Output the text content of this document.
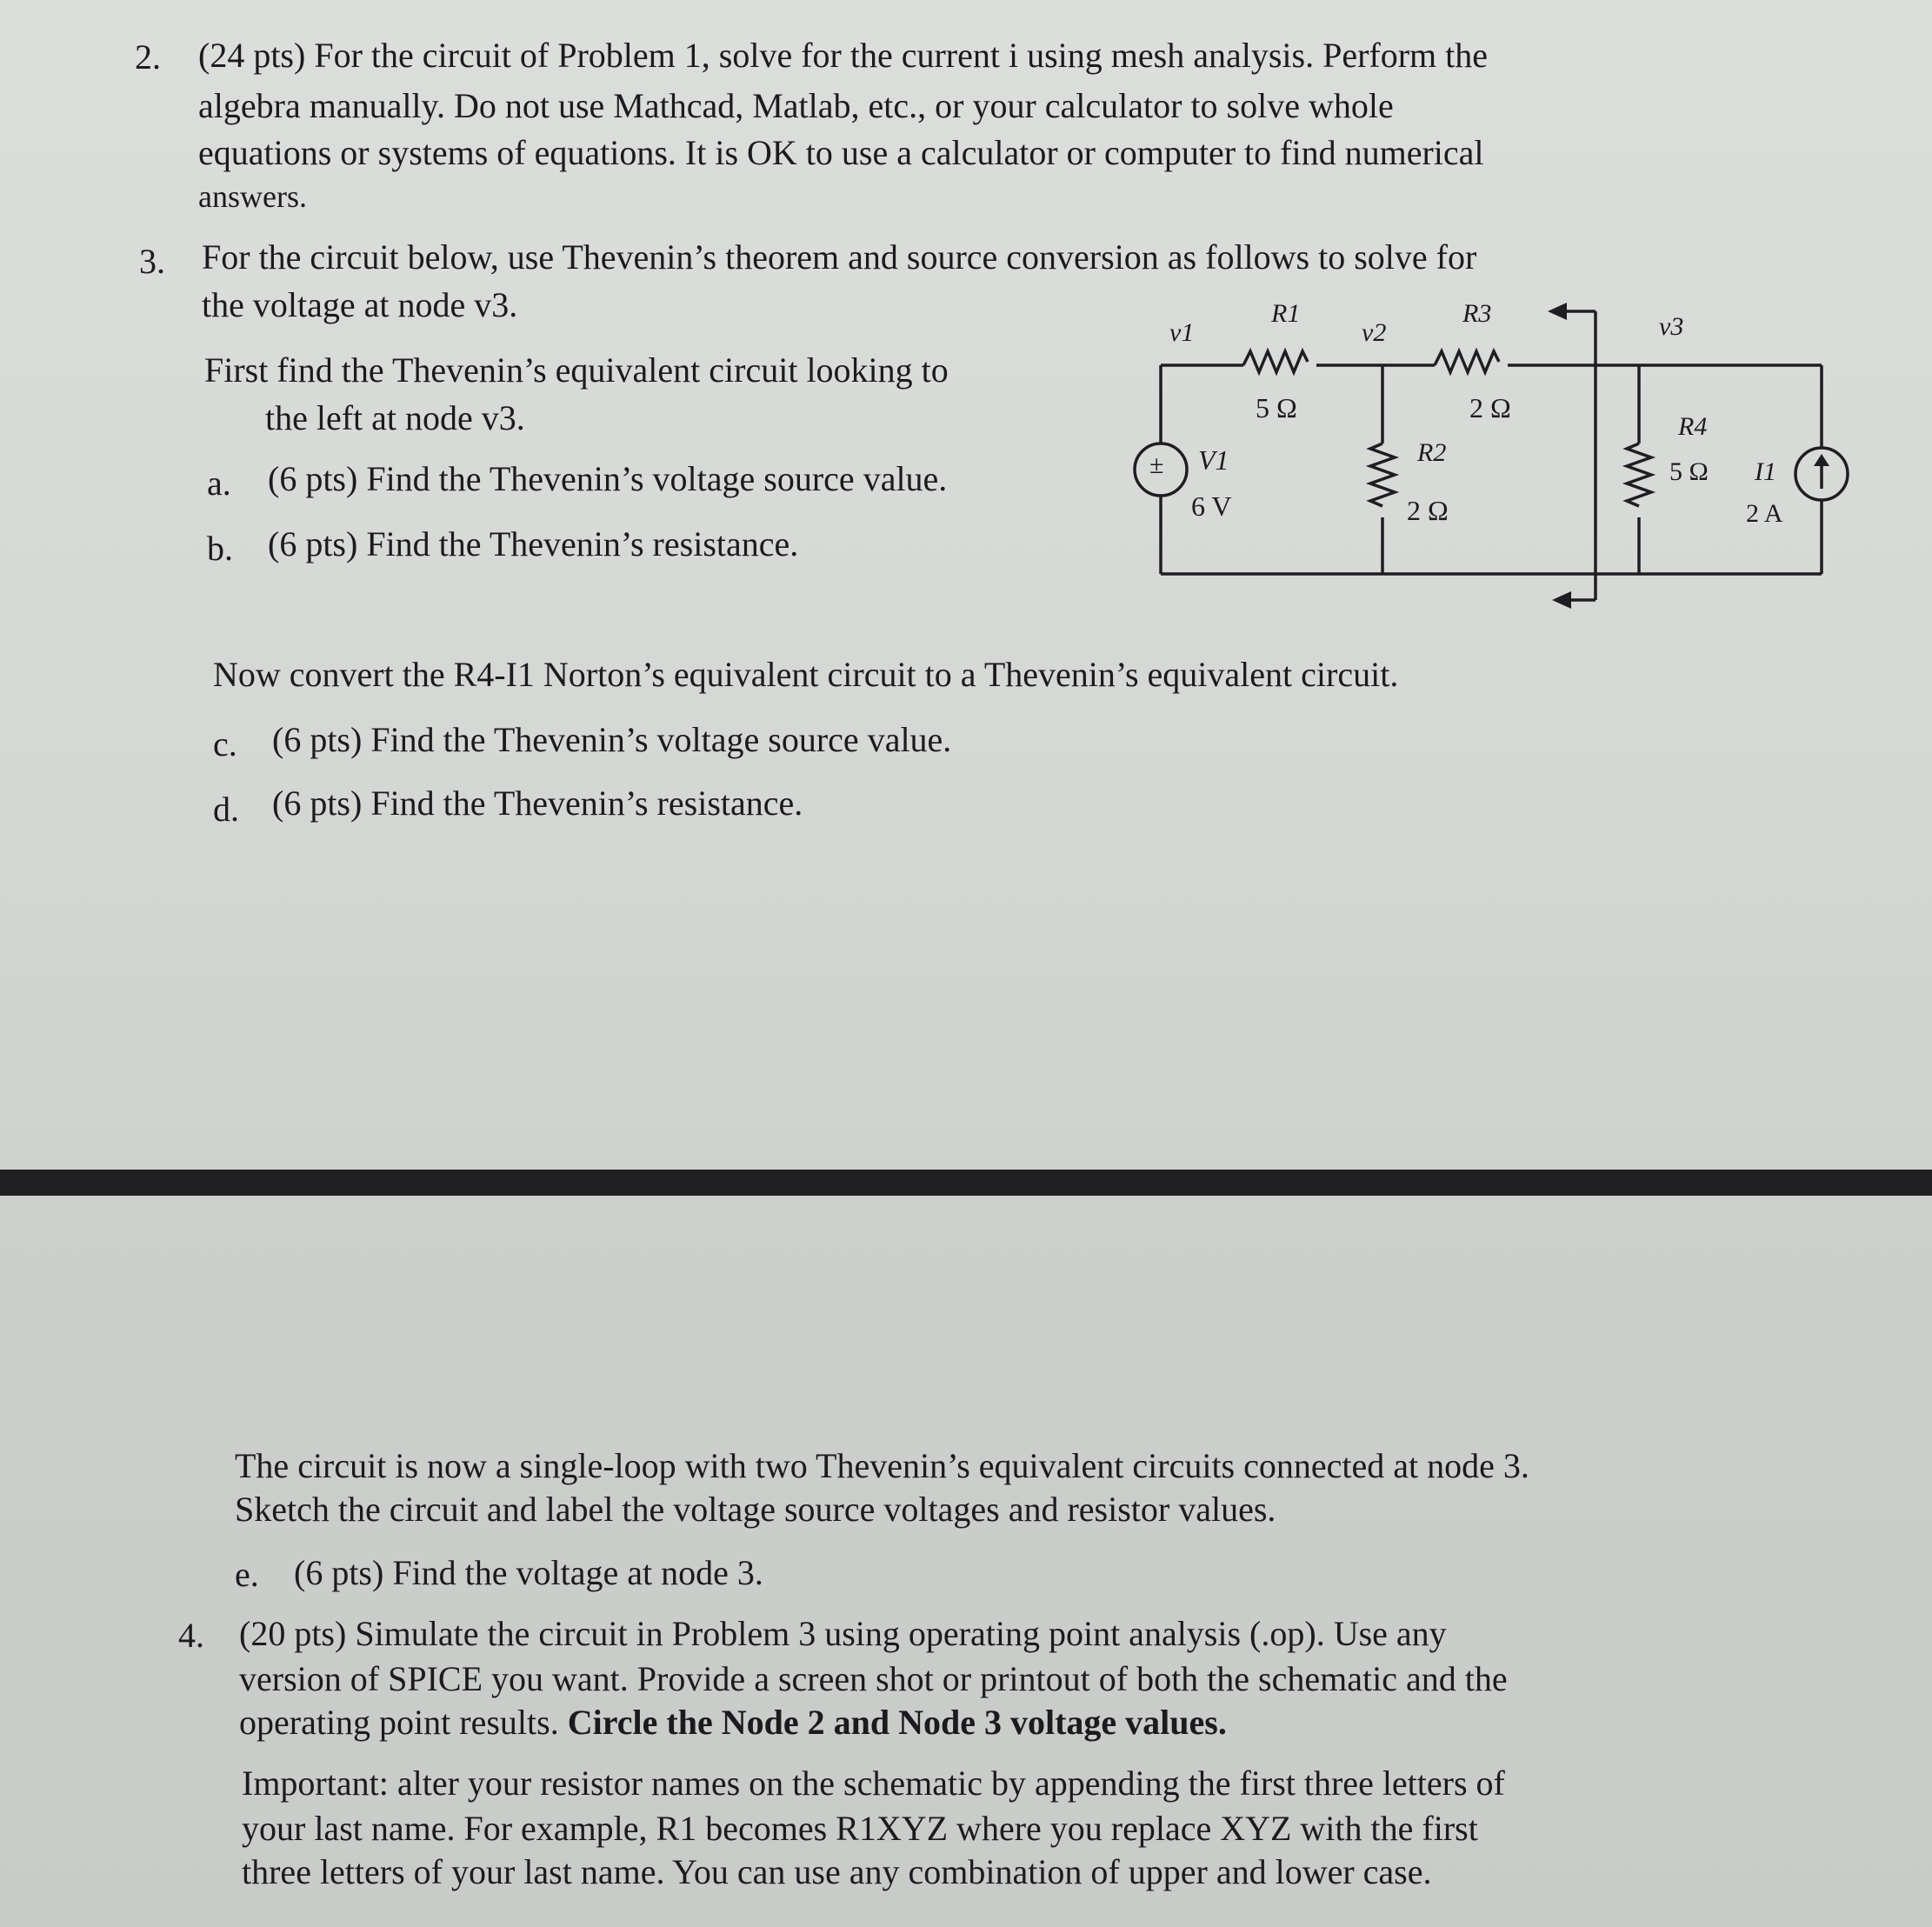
2. (24 pts) For the circuit of Problem 1, solve for the current i using mesh analysis. Perform the
algebra manually. Do not use Mathcad, Matlab, etc., or your calculator to solve whole
equations or systems of equations. It is OK to use a calculator or computer to find numerical
answers.
3. For the circuit below, use Thevenin’s theorem and source conversion as follows to solve for
the voltage at node v3.
First find the Thevenin’s equivalent circuit looking to
the left at node v3.
a. (6 pts) Find the Thevenin’s voltage source value.
b. (6 pts) Find the Thevenin’s resistance.
Now convert the R4-I1 Norton’s equivalent circuit to a Thevenin’s equivalent circuit.
c. (6 pts) Find the Thevenin’s voltage source value.
d. (6 pts) Find the Thevenin’s resistance.
±
v1
R1
5 Ω
v2
R3
2 Ω
v3
V1
6 V
R2
2 Ω
R4
5 Ω I1
2 A
The circuit is now a single-loop with two Thevenin’s equivalent circuits connected at node 3.
Sketch the circuit and label the voltage source voltages and resistor values.
e. (6 pts) Find the voltage at node 3.
4. (20 pts) Simulate the circuit in Problem 3 using operating point analysis (.op). Use any
version of SPICE you want. Provide a screen shot or printout of both the schematic and the
operating point results. Circle the Node 2 and Node 3 voltage values.
Important: alter your resistor names on the schematic by appending the first three letters of
your last name. For example, R1 becomes R1XYZ where you replace XYZ with the first
three letters of your last name. You can use any combination of upper and lower case.
